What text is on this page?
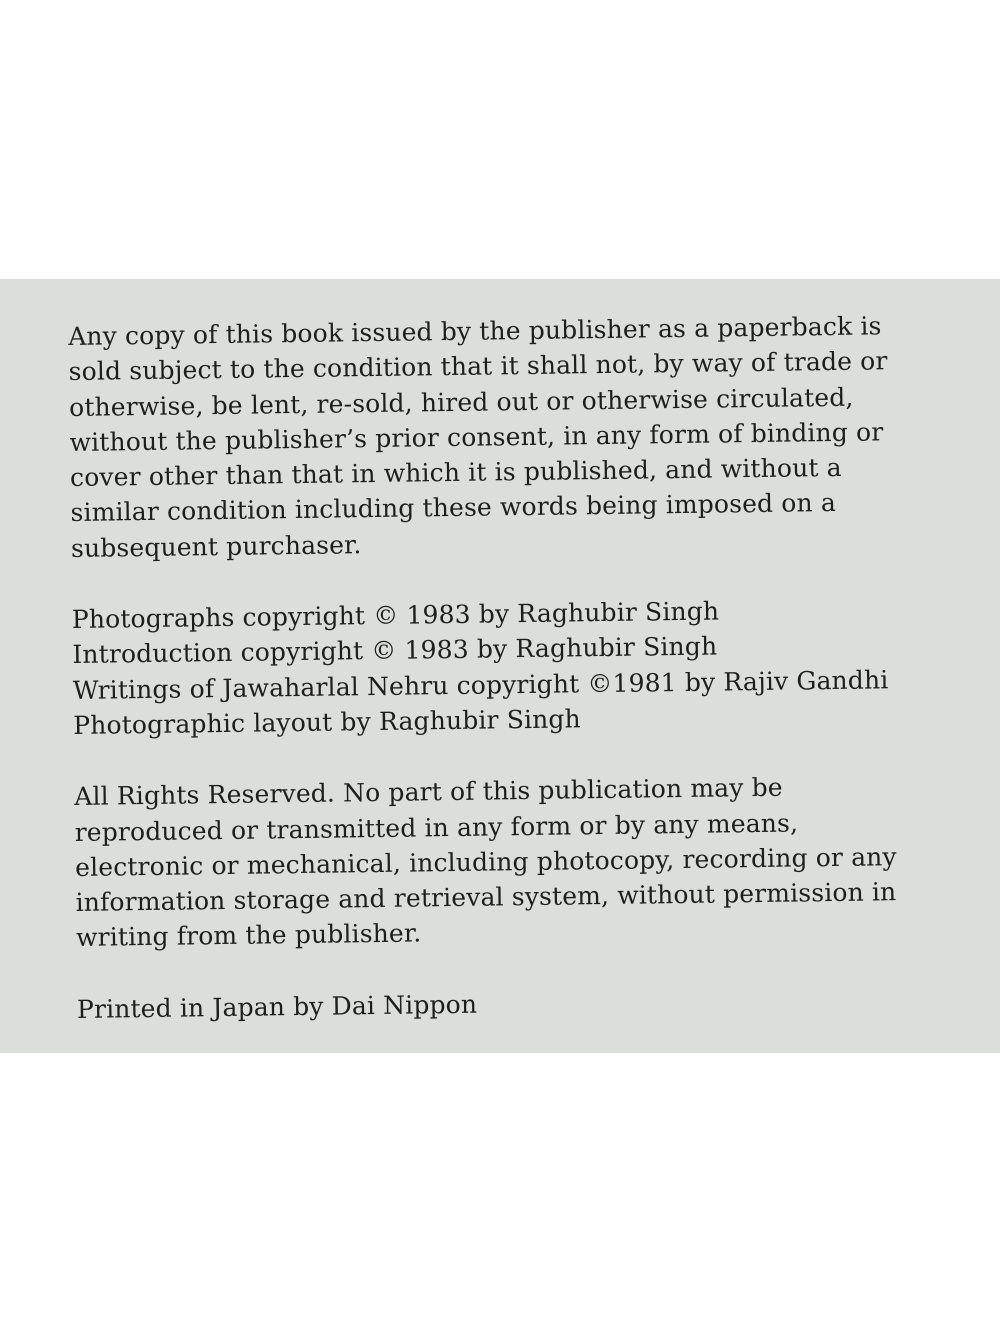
Any copy of this book issued by the publisher as a paperback is

sold subject to the condition that it shall not, by way of trade or

otherwise, be lent, re-sold, hired out or otherwise circulated,

without the publisher’s prior consent, in any form of binding or

cover other than that in which it is published, and without a

similar condition including these words being imposed on a

subsequent purchaser.

Photographs copyright © 1983 by Raghubir Singh

Introduction copyright © 1983 by Raghubir Singh

Writings of Jawaharlal Nehru copyright ©1981 by Rajiv Gandhi

Photographic layout by Raghubir Singh

All Rights Reserved. No part of this publication may be

reproduced or transmitted in any form or by any means,

electronic or mechanical, including photocopy, recording or any

information storage and retrieval system, without permission in

writing from the publisher.

Printed in Japan by Dai Nippon
